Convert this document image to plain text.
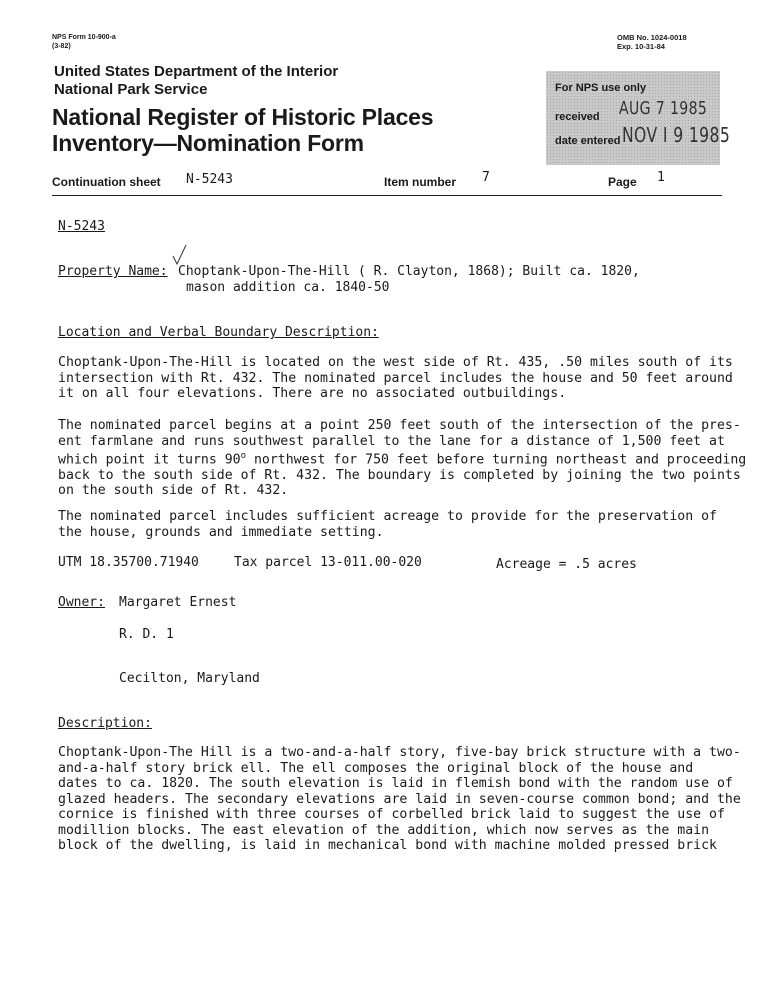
NPS Form 10-900-a
(3-82)
OMB No. 1024-0018
Exp. 10-31-84
United States Department of the Interior
National Park Service
National Register of Historic Places
Inventory—Nomination Form
For NPS use only
received AUG 7 1985
date entered NOV I 9 1985
Continuation sheet N-5243	Item number 7	Page 1
N-5243
Property Name: Choptank-Upon-The-Hill ( R. Clayton, 1868); Built ca. 1820,
mason addition ca. 1840-50
Location and Verbal Boundary Description:
Choptank-Upon-The-Hill is located on the west side of Rt. 435, .50 miles south of its
intersection with Rt. 432. The nominated parcel includes the house and 50 feet around
it on all four elevations. There are no associated outbuildings.
The nominated parcel begins at a point 250 feet south of the intersection of the pres-
ent farmlane and runs southwest parallel to the lane for a distance of 1,500 feet at
which point it turns 90$^o$ northwest for 750 feet before turning northeast and proceeding
back to the south side of Rt. 432. The boundary is completed by joining the two points
on the south side of Rt. 432.
The nominated parcel includes sufficient acreage to provide for the preservation of
the house, grounds and immediate setting.
UTM 18.35700.71940	Tax parcel 13-011.00-020	Acreage = .5 acres
Owner: Margaret Ernest
R. D. 1
Cecilton, Maryland
Description:
Choptank-Upon-The Hill is a two-and-a-half story, five-bay brick structure with a two-
and-a-half story brick ell. The ell composes the original block of the house and
dates to ca. 1820. The south elevation is laid in flemish bond with the random use of
glazed headers. The secondary elevations are laid in seven-course common bond; and the
cornice is finished with three courses of corbelled brick laid to suggest the use of
modillion blocks. The east elevation of the addition, which now serves as the main
block of the dwelling, is laid in mechanical bond with machine molded pressed brick
